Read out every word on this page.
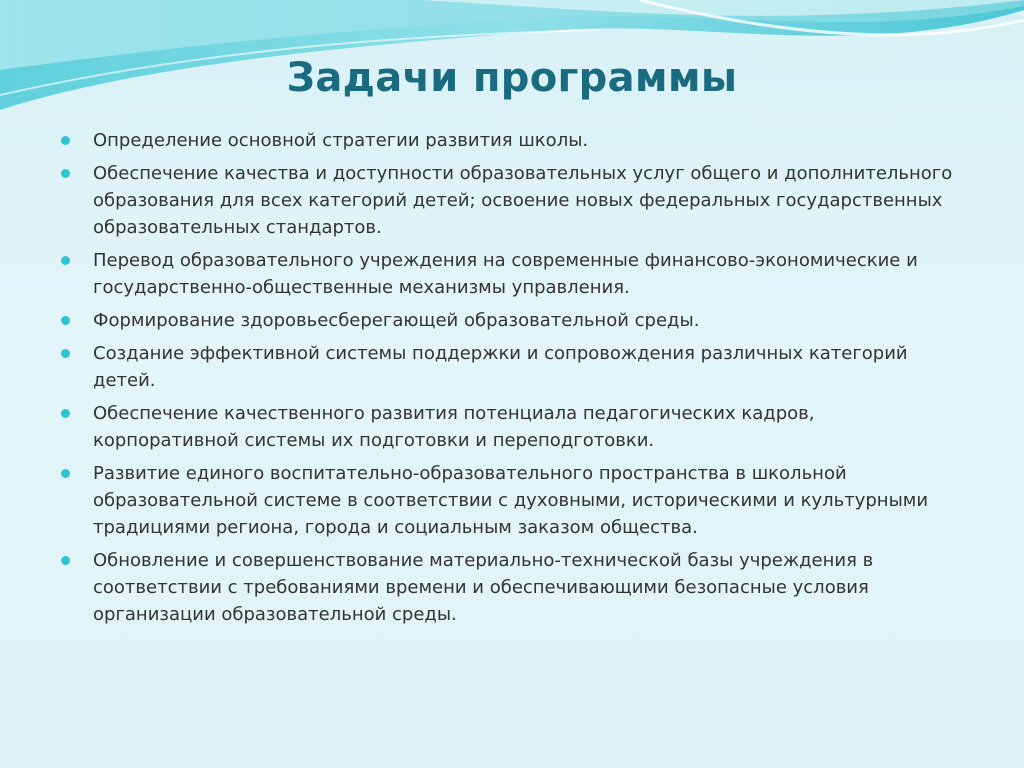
Задачи программы
Определение основной стратегии развития школы.
Обеспечение качества и доступности образовательных услуг общего и дополнительного образования для всех категорий детей; освоение новых федеральных государственных образовательных стандартов.
Перевод образовательного учреждения на современные финансово-экономические и государственно-общественные механизмы управления.
Формирование здоровьесберегающей образовательной среды.
Создание эффективной системы поддержки и сопровождения различных категорий детей.
Обеспечение качественного развития потенциала педагогических кадров, корпоративной системы их подготовки и переподготовки.
Развитие единого воспитательно-образовательного пространства в школьной образовательной системе в соответствии с духовными, историческими и культурными традициями региона, города и социальным заказом общества.
Обновление и совершенствование материально-технической базы учреждения в соответствии с требованиями времени и обеспечивающими безопасные условия организации образовательной среды.
